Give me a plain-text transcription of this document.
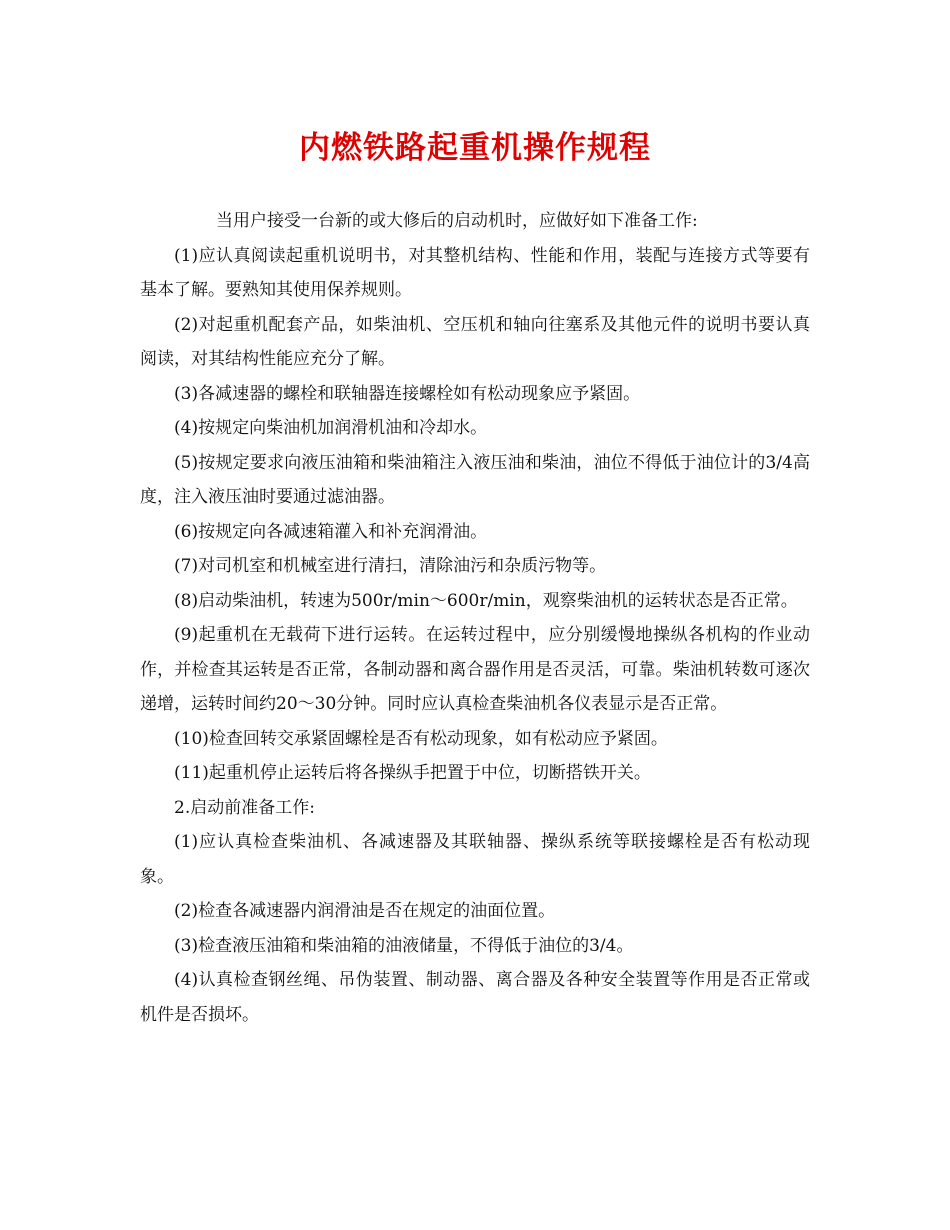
内燃铁路起重机操作规程

当用户接受一台新的或大修后的启动机时，应做好如下准备工作:

(1)应认真阅读起重机说明书，对其整机结构、性能和作用，装配与连接方式等要有基本了解。要熟知其使用保养规则。

(2)对起重机配套产品，如柴油机、空压机和轴向往塞系及其他元件的说明书要认真阅读，对其结构性能应充分了解。

(3)各减速器的螺栓和联轴器连接螺栓如有松动现象应予紧固。

(4)按规定向柴油机加润滑机油和冷却水。

(5)按规定要求向液压油箱和柴油箱注入液压油和柴油，油位不得低于油位计的3/4高度，注入液压油时要通过滤油器。

(6)按规定向各减速箱灌入和补充润滑油。

(7)对司机室和机械室进行清扫，清除油污和杂质污物等。

(8)启动柴油机，转速为500r/min～600r/min，观察柴油机的运转状态是否正常。

(9)起重机在无载荷下进行运转。在运转过程中，应分别缓慢地操纵各机构的作业动作，并检查其运转是否正常，各制动器和离合器作用是否灵活，可靠。柴油机转数可逐次递增，运转时间约20～30分钟。同时应认真检查柴油机各仪表显示是否正常。

(10)检查回转交承紧固螺栓是否有松动现象，如有松动应予紧固。

(11)起重机停止运转后将各操纵手把置于中位，切断搭铁开关。

2.启动前准备工作:

(1)应认真检查柴油机、各减速器及其联轴器、操纵系统等联接螺栓是否有松动现象。

(2)检查各减速器内润滑油是否在规定的油面位置。

(3)检查液压油箱和柴油箱的油液储量，不得低于油位的3/4。

(4)认真检查钢丝绳、吊伪装置、制动器、离合器及各种安全装置等作用是否正常或机件是否损坏。
